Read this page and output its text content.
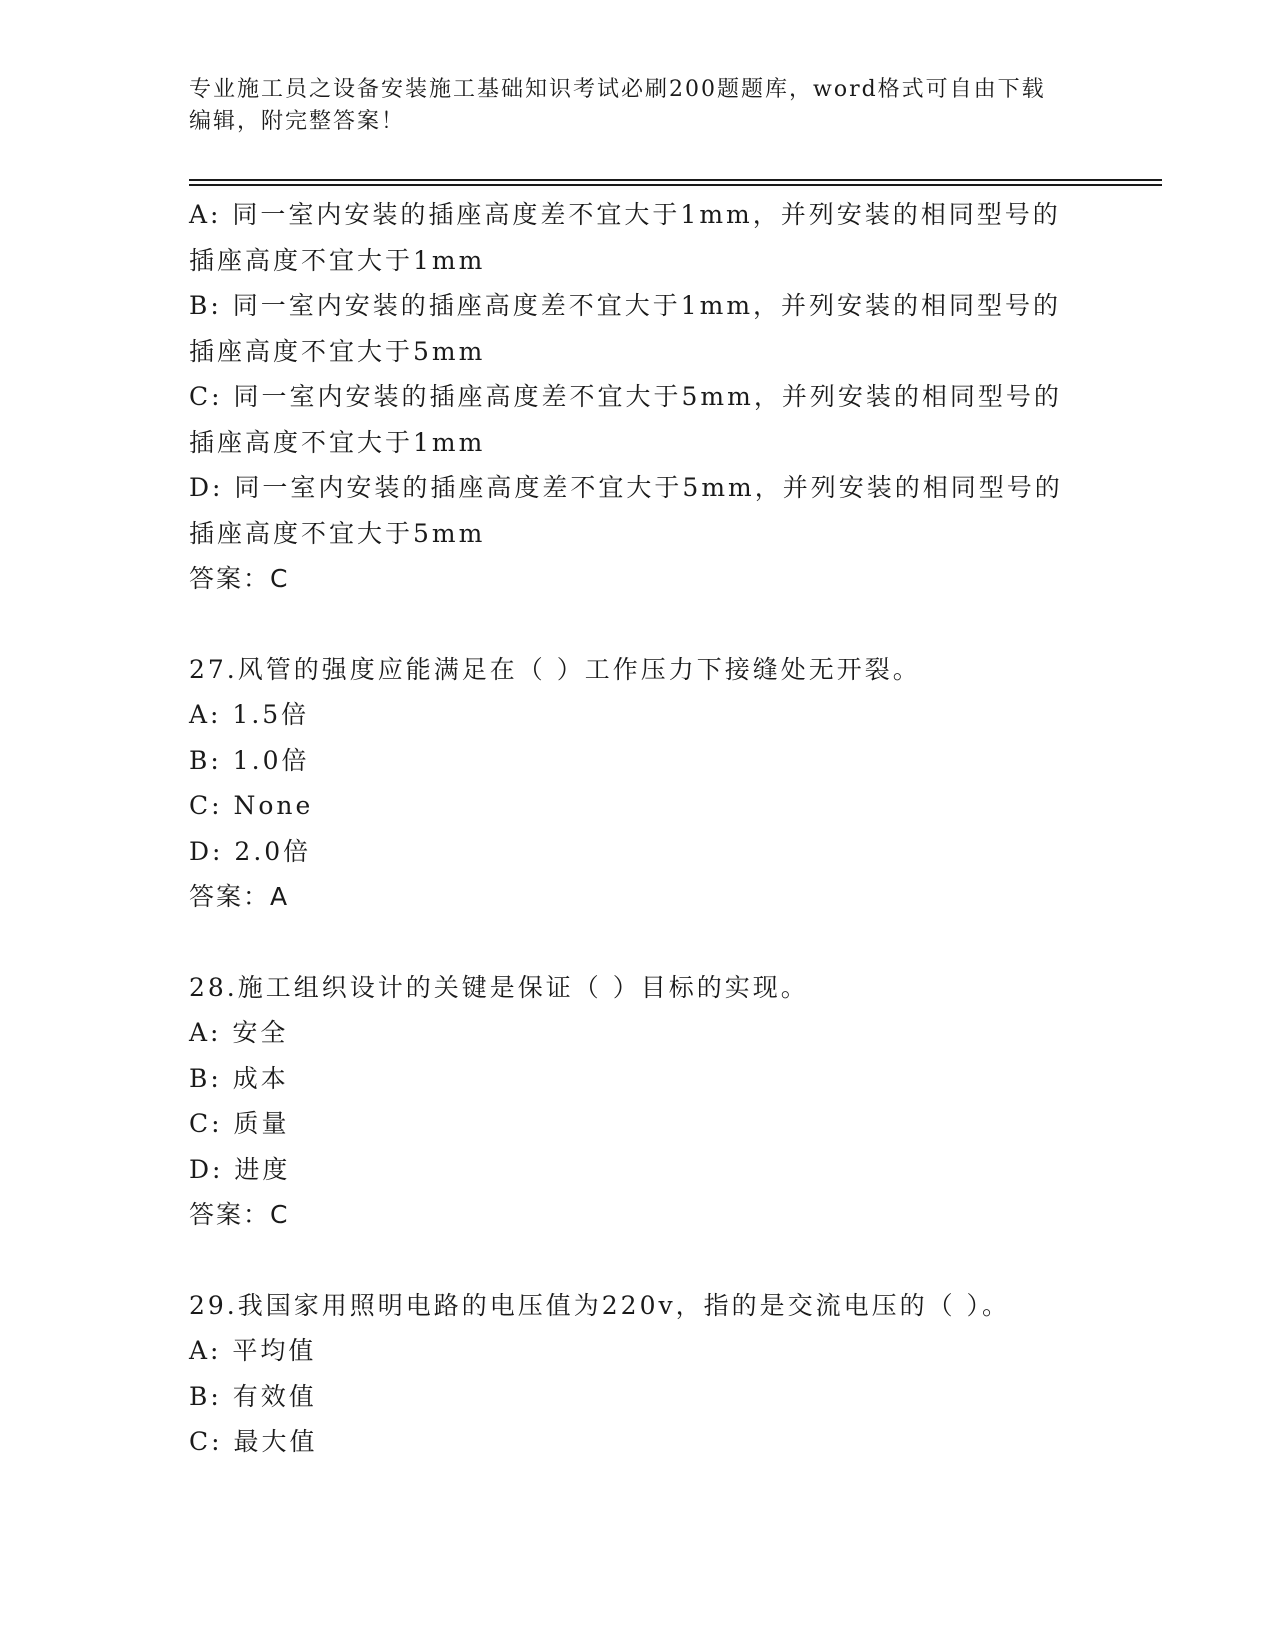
专业施工员之设备安装施工基础知识考试必刷200题题库，word格式可自由下载
编辑，附完整答案！
A: 同一室内安装的插座高度差不宜大于1mm，并列安装的相同型号的
插座高度不宜大于1mm
B: 同一室内安装的插座高度差不宜大于1mm，并列安装的相同型号的
插座高度不宜大于5mm
C: 同一室内安装的插座高度差不宜大于5mm，并列安装的相同型号的
插座高度不宜大于1mm
D: 同一室内安装的插座高度差不宜大于5mm，并列安装的相同型号的
插座高度不宜大于5mm
答案：C
27.风管的强度应能满足在（ ）工作压力下接缝处无开裂。
A: 1.5倍
B: 1.0倍
C: None
D: 2.0倍
答案：A
28.施工组织设计的关键是保证（ ）目标的实现。
A: 安全
B: 成本
C: 质量
D: 进度
答案：C
29.我国家用照明电路的电压值为220v，指的是交流电压的（ ）。
A: 平均值
B: 有效值
C: 最大值
